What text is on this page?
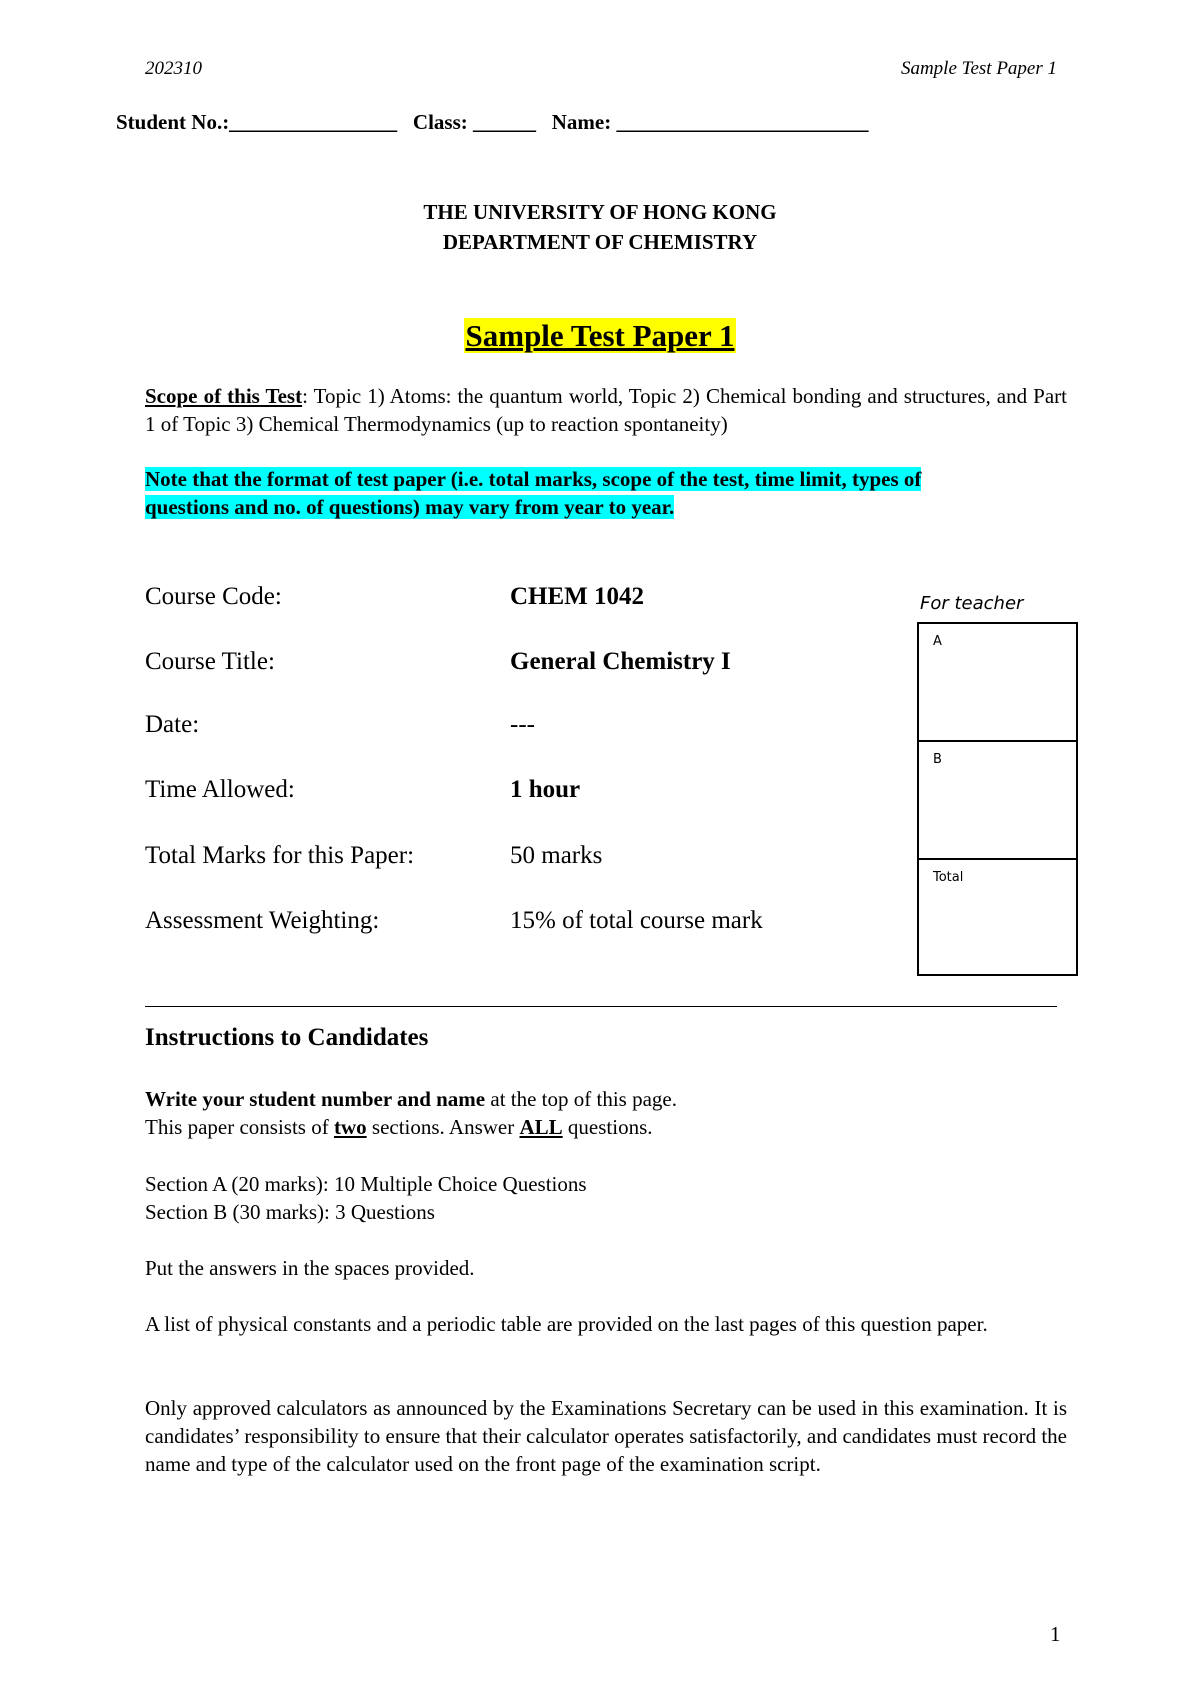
202310	Sample Test Paper 1
Student No.:________________   Class: ______   Name: ________________________
THE UNIVERSITY OF HONG KONG
DEPARTMENT OF CHEMISTRY
Sample Test Paper 1
Scope of this Test: Topic 1) Atoms: the quantum world, Topic 2) Chemical bonding and structures, and Part 1 of Topic 3) Chemical Thermodynamics (up to reaction spontaneity)
Note that the format of test paper (i.e. total marks, scope of the test, time limit, types of
questions and no. of questions) may vary from year to year.
Course Code:	CHEM 1042
Course Title:	General Chemistry I
Date:	---
Time Allowed:	1 hour
Total Marks for this Paper:	50 marks
Assessment Weighting:	15% of total course mark
For teacher
A
B
Total
Instructions to Candidates
Write your student number and name at the top of this page.
This paper consists of two sections. Answer ALL questions.
Section A (20 marks): 10 Multiple Choice Questions
Section B (30 marks): 3 Questions
Put the answers in the spaces provided.
A list of physical constants and a periodic table are provided on the last pages of this question paper.
Only approved calculators as announced by the Examinations Secretary can be used in this examination. It is candidates’ responsibility to ensure that their calculator operates satisfactorily, and candidates must record the name and type of the calculator used on the front page of the examination script.
1
